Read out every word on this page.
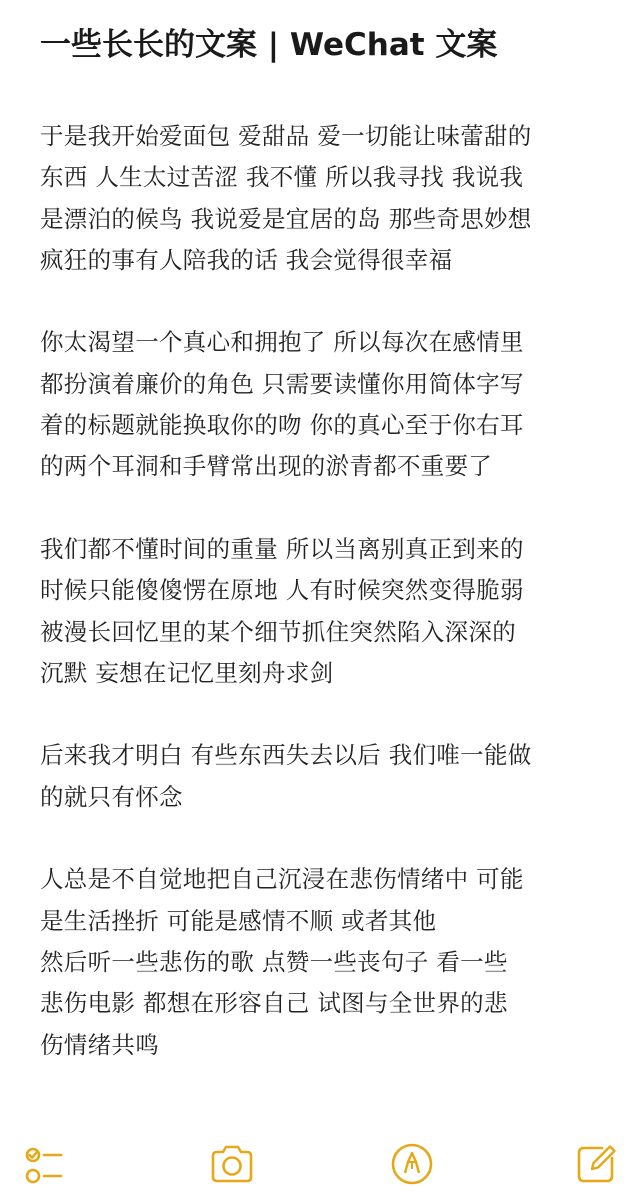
一些长长的文案 | WeChat 文案
于是我开始爱面包 爱甜品 爱一切能让味蕾甜的
东西 人生太过苦涩 我不懂 所以我寻找 我说我
是漂泊的候鸟 我说爱是宜居的岛 那些奇思妙想
疯狂的事有人陪我的话 我会觉得很幸福
你太渴望一个真心和拥抱了 所以每次在感情里
都扮演着廉价的角色 只需要读懂你用简体字写
着的标题就能换取你的吻 你的真心至于你右耳
的两个耳洞和手臂常出现的淤青都不重要了
我们都不懂时间的重量 所以当离别真正到来的
时候只能傻傻愣在原地 人有时候突然变得脆弱
被漫长回忆里的某个细节抓住突然陷入深深的
沉默 妄想在记忆里刻舟求剑
后来我才明白 有些东西失去以后 我们唯一能做
的就只有怀念
人总是不自觉地把自己沉浸在悲伤情绪中 可能
是生活挫折 可能是感情不顺 或者其他
然后听一些悲伤的歌 点赞一些丧句子 看一些
悲伤电影 都想在形容自己 试图与全世界的悲
伤情绪共鸣
